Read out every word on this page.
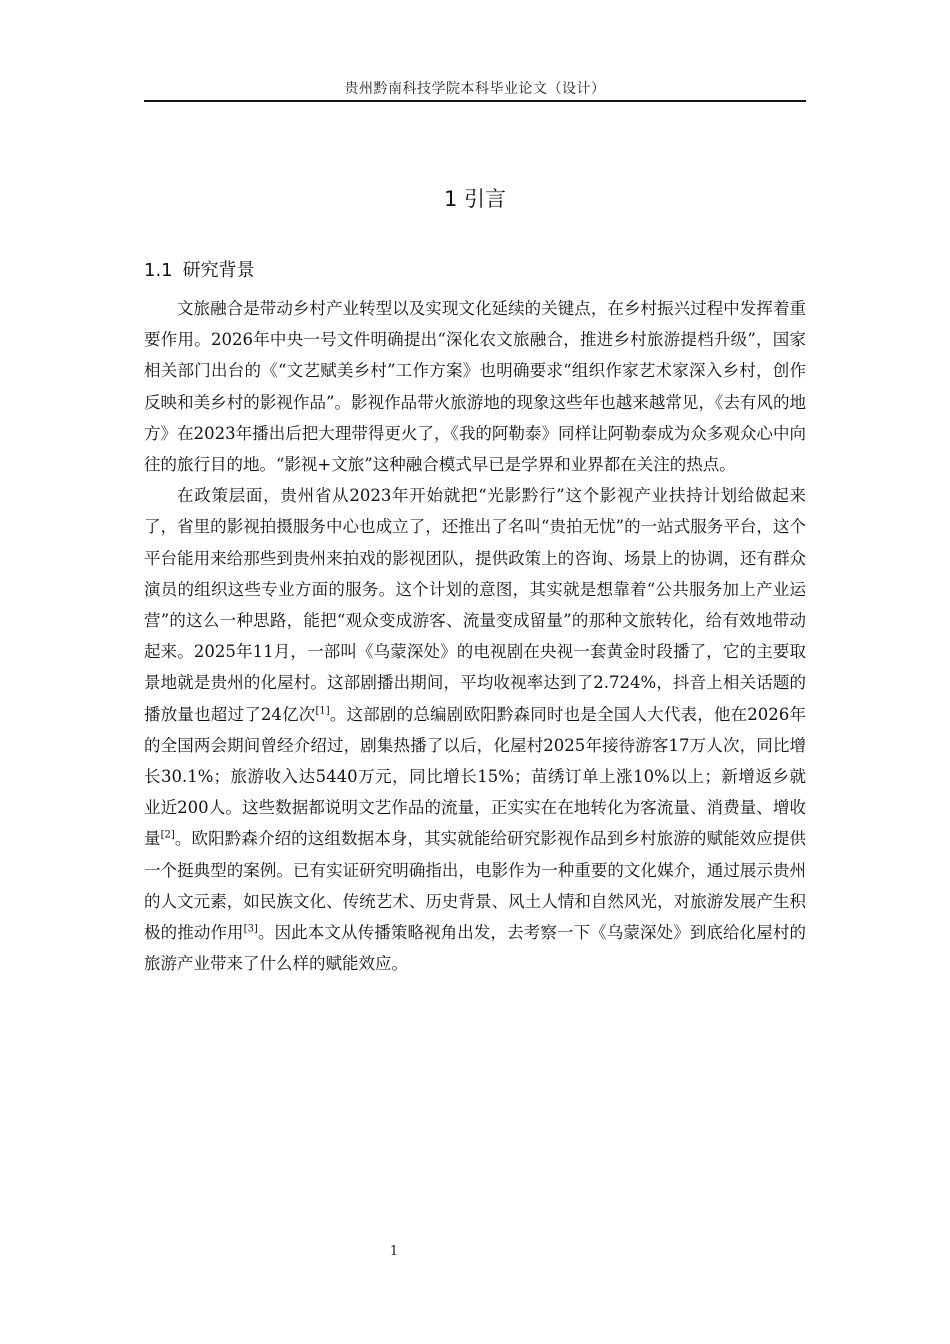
贵州黔南科技学院本科毕业论文（设计）
1 引言
1.1 研究背景

文旅融合是带动乡村产业转型以及实现文化延续的关键点，在乡村振兴过程中发挥着重要作用。2026年中央一号文件明确提出“深化农文旅融合，推进乡村旅游提档升级”，国家相关部门出台的《“文艺赋美乡村”工作方案》也明确要求“组织作家艺术家深入乡村，创作反映和美乡村的影视作品”。影视作品带火旅游地的现象这些年也越来越常见，《去有风的地方》在2023年播出后把大理带得更火了，《我的阿勒泰》同样让阿勒泰成为众多观众心中向往的旅行目的地。“影视+文旅”这种融合模式早已是学界和业界都在关注的热点。

在政策层面，贵州省从2023年开始就把“光影黔行”这个影视产业扶持计划给做起来了，省里的影视拍摄服务中心也成立了，还推出了名叫“贵拍无忧”的一站式服务平台，这个平台能用来给那些到贵州来拍戏的影视团队，提供政策上的咨询、场景上的协调，还有群众演员的组织这些专业方面的服务。这个计划的意图，其实就是想靠着“公共服务加上产业运营”的这么一种思路，能把“观众变成游客、流量变成留量”的那种文旅转化，给有效地带动起来。2025年11月，一部叫《乌蒙深处》的电视剧在央视一套黄金时段播了，它的主要取景地就是贵州的化屋村。这部剧播出期间，平均收视率达到了2.724%，抖音上相关话题的播放量也超过了24亿次[1]。这部剧的总编剧欧阳黔森同时也是全国人大代表，他在2026年的全国两会期间曾经介绍过，剧集热播了以后，化屋村2025年接待游客17万人次，同比增长30.1%；旅游收入达5440万元，同比增长15%；苗绣订单上涨10%以上；新增返乡就业近200人。这些数据都说明文艺作品的流量，正实实在在地转化为客流量、消费量、增收量[2]。欧阳黔森介绍的这组数据本身，其实就能给研究影视作品到乡村旅游的赋能效应提供一个挺典型的案例。已有实证研究明确指出，电影作为一种重要的文化媒介，通过展示贵州的人文元素，如民族文化、传统艺术、历史背景、风土人情和自然风光，对旅游发展产生积极的推动作用[3]。因此本文从传播策略视角出发，去考察一下《乌蒙深处》到底给化屋村的旅游产业带来了什么样的赋能效应。

1
